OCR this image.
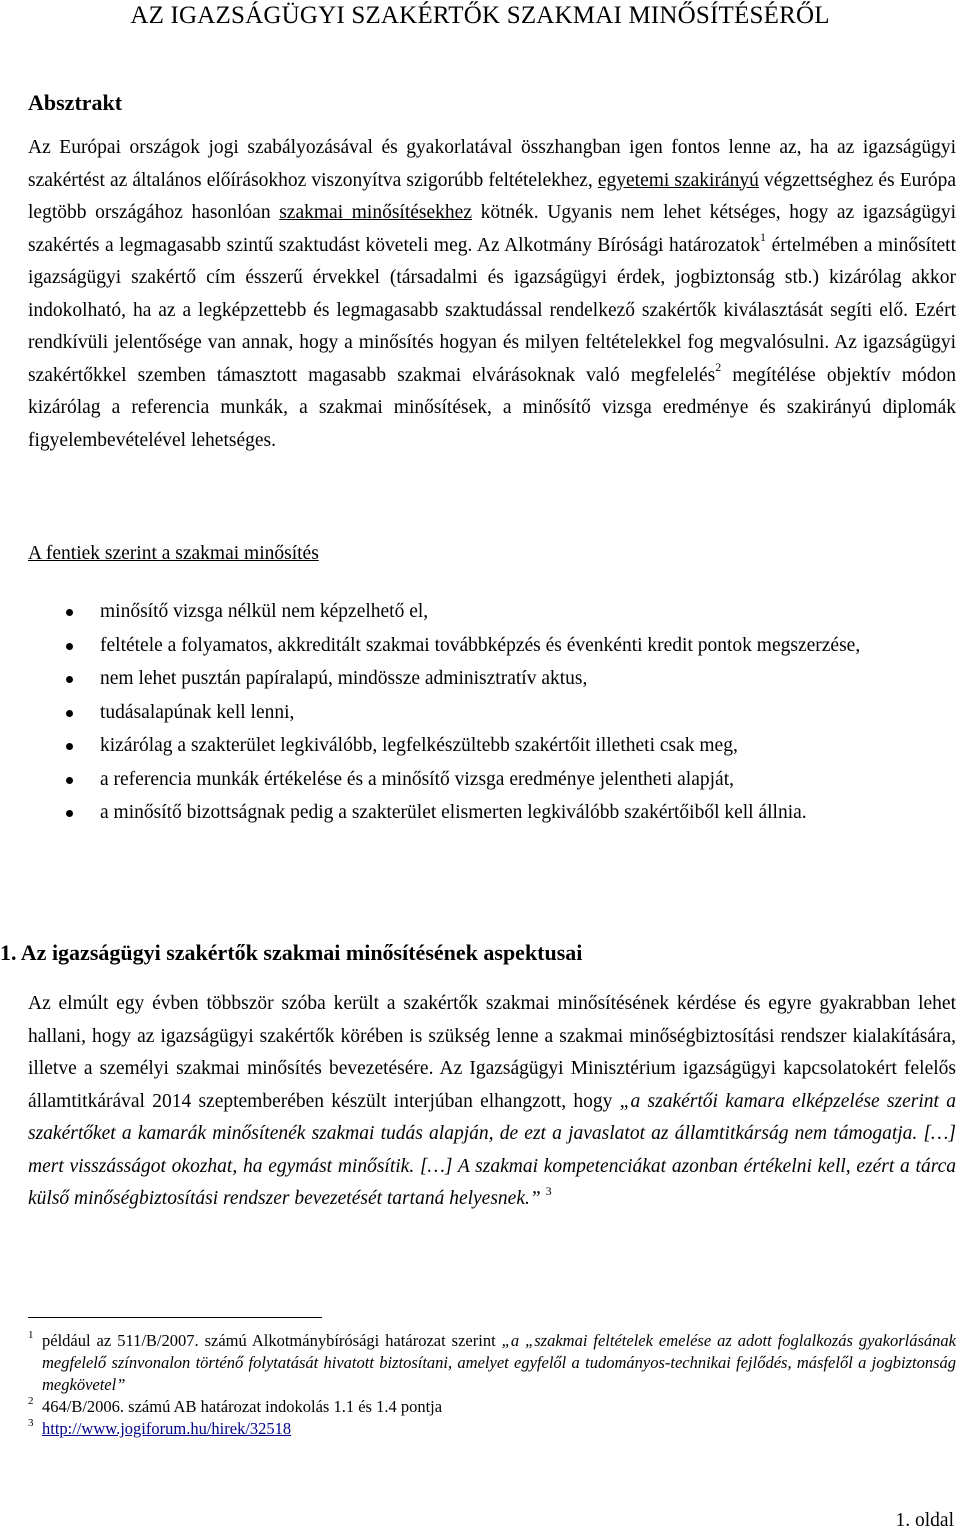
AZ IGAZSÁGÜGYI SZAKÉRTŐK SZAKMAI MINŐSÍTÉSÉRŐL
Absztrakt
Az Európai országok jogi szabályozásával és gyakorlatával összhangban igen fontos lenne az, ha az igazságügyi szakértést az általános előírásokhoz viszonyítva szigorúbb feltételekhez, egyetemi szakirányú végzettséghez és Európa legtöbb országához hasonlóan szakmai minősítésekhez kötnék. Ugyanis nem lehet kétséges, hogy az igazságügyi szakértés a legmagasabb szintű szaktudást követeli meg. Az Alkotmány Bírósági határozatok$^1$ értelmében a minősített igazságügyi szakértő cím ésszerű érvekkel (társadalmi és igazságügyi érdek, jogbiztonság stb.) kizárólag akkor indokolható, ha az a legképzettebb és legmagasabb szaktudással rendelkező szakértők kiválasztását segíti elő. Ezért rendkívüli jelentősége van annak, hogy a minősítés hogyan és milyen feltételekkel fog megvalósulni. Az igazságügyi szakértőkkel szemben támasztott magasabb szakmai elvárásoknak való megfelelés$^2$ megítélése objektív módon kizárólag a referencia munkák, a szakmai minősítések, a minősítő vizsga eredménye és szakirányú diplomák figyelembevételével lehetséges.
A fentiek szerint a szakmai minősítés
minősítő vizsga nélkül nem képzelhető el,
feltétele a folyamatos, akkreditált szakmai továbbképzés és évenkénti kredit pontok megszerzése,
nem lehet pusztán papíralapú, mindössze adminisztratív aktus,
tudásalapúnak kell lenni,
kizárólag a szakterület legkiválóbb, legfelkészültebb szakértőit illetheti csak meg,
a referencia munkák értékelése és a minősítő vizsga eredménye jelentheti alapját,
a minősítő bizottságnak pedig a szakterület elismerten legkiválóbb szakértőiből kell állnia.
1. Az igazságügyi szakértők szakmai minősítésének aspektusai
Az elmúlt egy évben többször szóba került a szakértők szakmai minősítésének kérdése és egyre gyakrabban lehet hallani, hogy az igazságügyi szakértők körében is szükség lenne a szakmai minőségbiztosítási rendszer kialakítására, illetve a személyi szakmai minősítés bevezetésére. Az Igazságügyi Minisztérium igazságügyi kapcsolatokért felelős államtitkárával 2014 szeptemberében készült interjúban elhangzott, hogy „a szakértői kamara elképzelése szerint a szakértőket a kamarák minősítenék szakmai tudás alapján, de ezt a javaslatot az államtitkárság nem támogatja. […] mert visszásságot okozhat, ha egymást minősítik. […] A szakmai kompetenciákat azonban értékelni kell, ezért a tárca külső minőségbiztosítási rendszer bevezetését tartaná helyesnek.” $^3$
1 például az 511/B/2007. számú Alkotmánybírósági határozat szerint „a „szakmai feltételek emelése az adott foglalkozás gyakorlásának megfelelő színvonalon történő folytatását hivatott biztosítani, amelyet egyfelől a tudományos-technikai fejlődés, másfelől a jogbiztonság megkövetel”
2 464/B/2006. számú AB határozat indokolás 1.1 és 1.4 pontja
3 http://www.jogiforum.hu/hirek/32518
1. oldal
